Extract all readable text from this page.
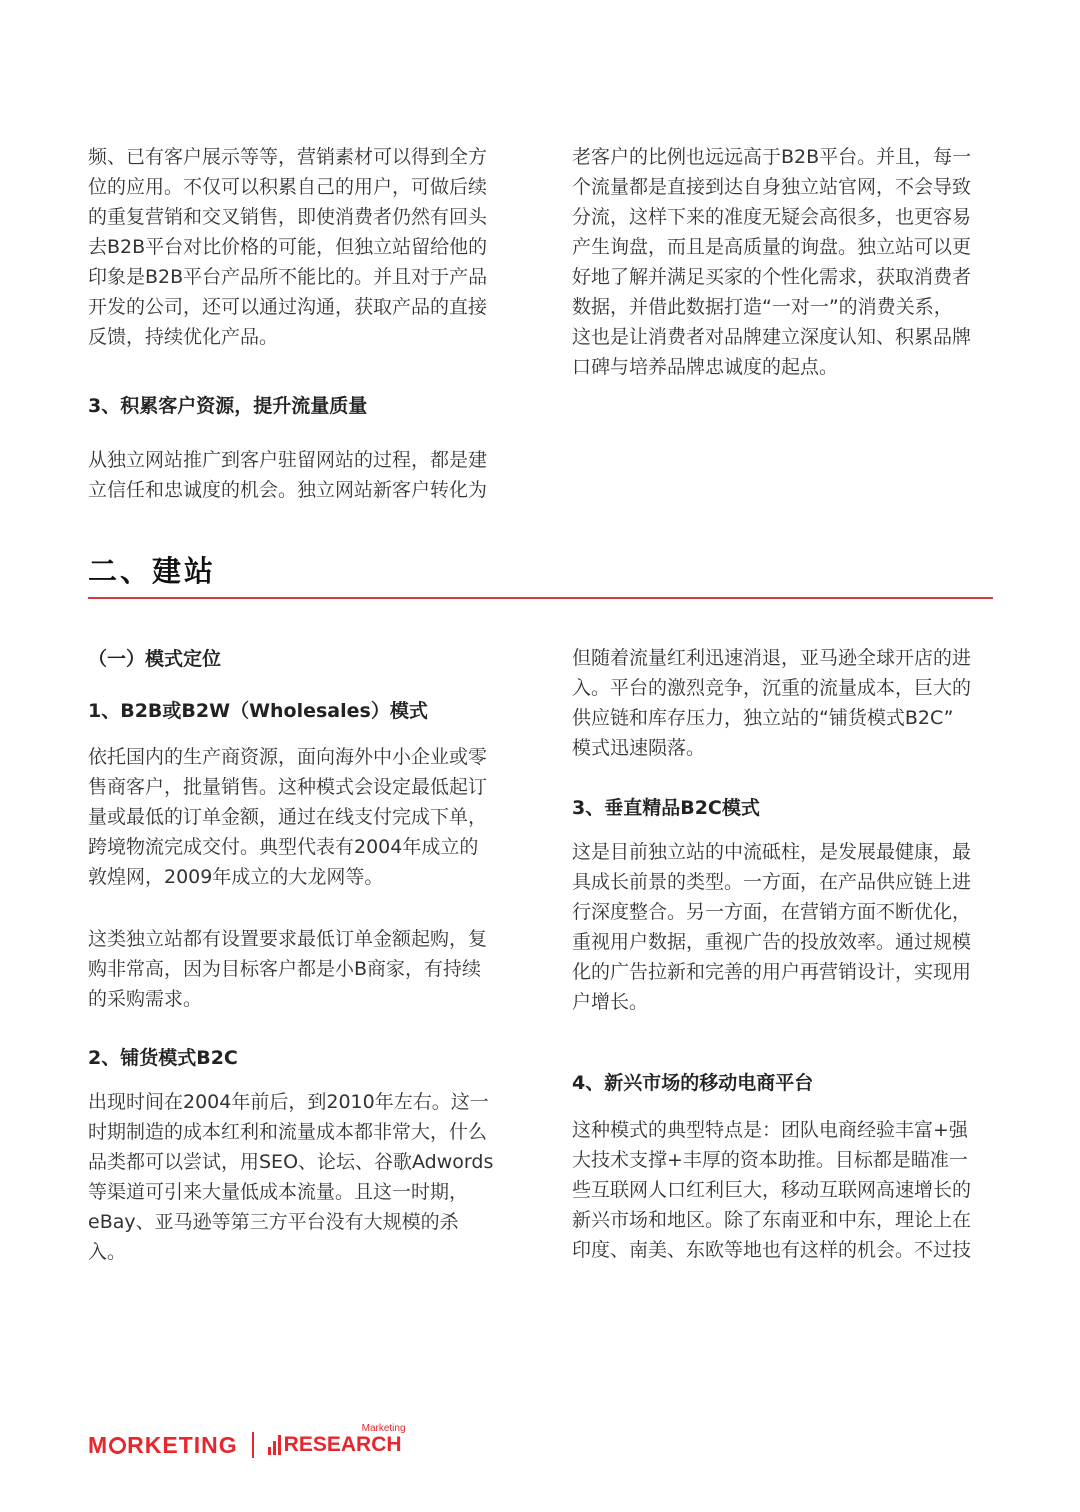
频、已有客户展示等等，营销素材可以得到全方
位的应用。不仅可以积累自己的用户，可做后续
的重复营销和交叉销售，即使消费者仍然有回头
去B2B平台对比价格的可能，但独立站留给他的
印象是B2B平台产品所不能比的。并且对于产品
开发的公司，还可以通过沟通，获取产品的直接
反馈，持续优化产品。
3、积累客户资源，提升流量质量
从独立网站推广到客户驻留网站的过程，都是建
立信任和忠诚度的机会。独立网站新客户转化为
老客户的比例也远远高于B2B平台。并且，每一
个流量都是直接到达自身独立站官网，不会导致
分流，这样下来的准度无疑会高很多，也更容易
产生询盘，而且是高质量的询盘。独立站可以更
好地了解并满足买家的个性化需求，获取消费者
数据，并借此数据打造“一对一”的消费关系，
这也是让消费者对品牌建立深度认知、积累品牌
口碑与培养品牌忠诚度的起点。
二、建站
（一）模式定位
1、B2B或B2W（Wholesales）模式
依托国内的生产商资源，面向海外中小企业或零
售商客户，批量销售。这种模式会设定最低起订
量或最低的订单金额，通过在线支付完成下单，
跨境物流完成交付。典型代表有2004年成立的
敦煌网，2009年成立的大龙网等。
这类独立站都有设置要求最低订单金额起购，复
购非常高，因为目标客户都是小B商家，有持续
的采购需求。
2、铺货模式B2C
出现时间在2004年前后，到2010年左右。这一
时期制造的成本红利和流量成本都非常大，什么
品类都可以尝试，用SEO、论坛、谷歌Adwords
等渠道可引来大量低成本流量。且这一时期，
eBay、亚马逊等第三方平台没有大规模的杀
入。
但随着流量红利迅速消退，亚马逊全球开店的进
入。平台的激烈竞争，沉重的流量成本，巨大的
供应链和库存压力，独立站的“铺货模式B2C”
模式迅速陨落。
3、垂直精品B2C模式
这是目前独立站的中流砥柱，是发展最健康，最
具成长前景的类型。一方面，在产品供应链上进
行深度整合。另一方面，在营销方面不断优化，
重视用户数据，重视广告的投放效率。通过规模
化的广告拉新和完善的用户再营销设计，实现用
户增长。
4、新兴市场的移动电商平台
这种模式的典型特点是：团队电商经验丰富+强
大技术支撑+丰厚的资本助推。目标都是瞄准一
些互联网人口红利巨大，移动互联网高速增长的
新兴市场和地区。除了东南亚和中东，理论上在
印度、南美、东欧等地也有这样的机会。不过技
M RKETING RESEARCH
Marketing
